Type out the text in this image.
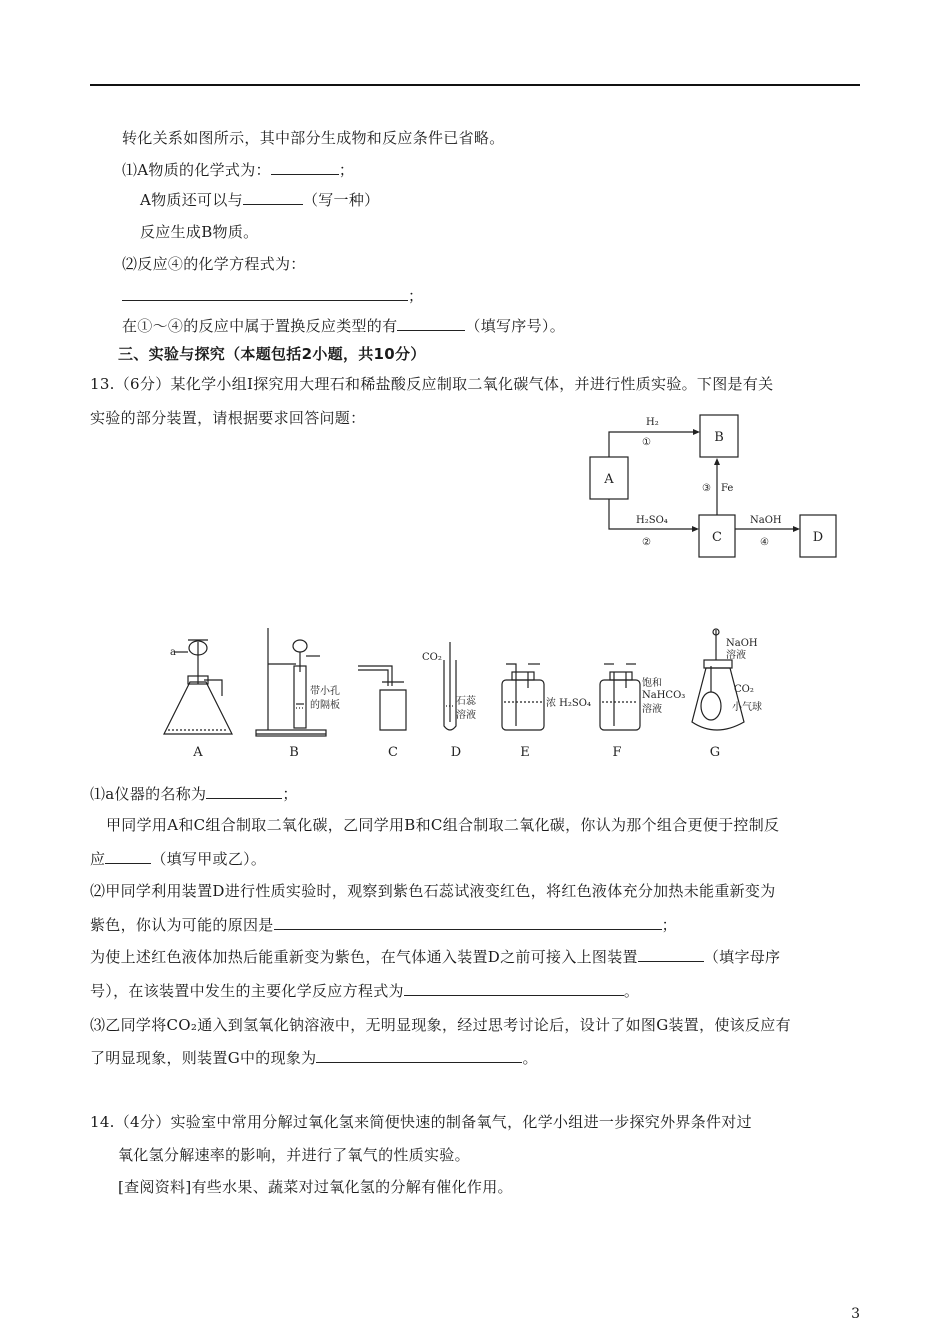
转化关系如图所示，其中部分生成物和反应条件已省略。
⑴A物质的化学式为：	；
A物质还可以与	（写一种）
反应生成B物质。
⑵反应④的化学方程式为：
；
在①～④的反应中属于置换反应类型的有	（填写序号）。
三、实验与探究（本题包括2小题，共10分）
13.（6分）某化学小组Ⅰ探究用大理石和稀盐酸反应制取二氧化碳气体，并进行性质实验。下图是有关
实验的部分装置，请根据要求回答问题：
A
B
C	D
H₂
①
H₂SO₄
②
③ Fe
NaOH
④
a
带小孔
的隔板
CO₂
石蕊
溶液
浓 H₂SO₄
饱和
NaHCO₃
溶液
NaOH
溶液
CO₂
小气球
A	B	C	D	E	F	G
⑴a仪器的名称为	；
甲同学用A和C组合制取二氧化碳，乙同学用B和C组合制取二氧化碳，你认为那个组合更便于控制反
应	（填写甲或乙）。
⑵甲同学利用装置D进行性质实验时，观察到紫色石蕊试液变红色，将红色液体充分加热未能重新变为
紫色，你认为可能的原因是	；
为使上述红色液体加热后能重新变为紫色，在气体通入装置D之前可接入上图装置	（填字母序
号），在该装置中发生的主要化学反应方程式为	。
⑶乙同学将CO₂通入到氢氧化钠溶液中，无明显现象，经过思考讨论后，设计了如图G装置，使该反应有
了明显现象，则装置G中的现象为	。
14.（4分）实验室中常用分解过氧化氢来简便快速的制备氧气，化学小组进一步探究外界条件对过
氧化氢分解速率的影响，并进行了氧气的性质实验。
[查阅资料]有些水果、蔬菜对过氧化氢的分解有催化作用。
3
